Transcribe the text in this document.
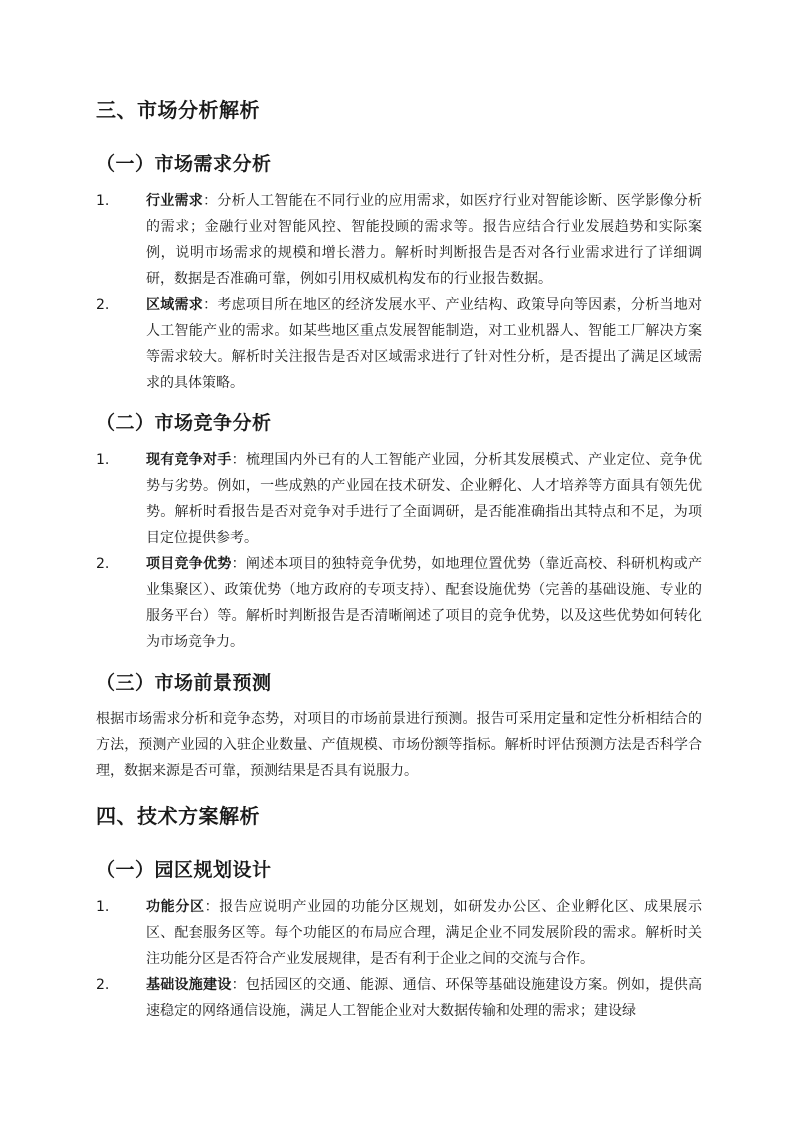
三、市场分析解析
（一）市场需求分析
1.	行业需求：分析人工智能在不同行业的应用需求，如医疗行业对智能诊断、医学影像分析的需求；金融行业对智能风控、智能投顾的需求等。报告应结合行业发展趋势和实际案例，说明市场需求的规模和增长潜力。解析时判断报告是否对各行业需求进行了详细调研，数据是否准确可靠，例如引用权威机构发布的行业报告数据。
2.	区域需求：考虑项目所在地区的经济发展水平、产业结构、政策导向等因素，分析当地对人工智能产业的需求。如某些地区重点发展智能制造，对工业机器人、智能工厂解决方案等需求较大。解析时关注报告是否对区域需求进行了针对性分析，是否提出了满足区域需求的具体策略。
（二）市场竞争分析
1.	现有竞争对手：梳理国内外已有的人工智能产业园，分析其发展模式、产业定位、竞争优势与劣势。例如，一些成熟的产业园在技术研发、企业孵化、人才培养等方面具有领先优势。解析时看报告是否对竞争对手进行了全面调研，是否能准确指出其特点和不足，为项目定位提供参考。
2.	项目竞争优势：阐述本项目的独特竞争优势，如地理位置优势（靠近高校、科研机构或产业集聚区）、政策优势（地方政府的专项支持）、配套设施优势（完善的基础设施、专业的服务平台）等。解析时判断报告是否清晰阐述了项目的竞争优势，以及这些优势如何转化为市场竞争力。
（三）市场前景预测
根据市场需求分析和竞争态势，对项目的市场前景进行预测。报告可采用定量和定性分析相结合的方法，预测产业园的入驻企业数量、产值规模、市场份额等指标。解析时评估预测方法是否科学合理，数据来源是否可靠，预测结果是否具有说服力。
四、技术方案解析
（一）园区规划设计
1.	功能分区：报告应说明产业园的功能分区规划，如研发办公区、企业孵化区、成果展示区、配套服务区等。每个功能区的布局应合理，满足企业不同发展阶段的需求。解析时关注功能分区是否符合产业发展规律，是否有利于企业之间的交流与合作。
2.	基础设施建设：包括园区的交通、能源、通信、环保等基础设施建设方案。例如，提供高速稳定的网络通信设施，满足人工智能企业对大数据传输和处理的需求；建设绿
